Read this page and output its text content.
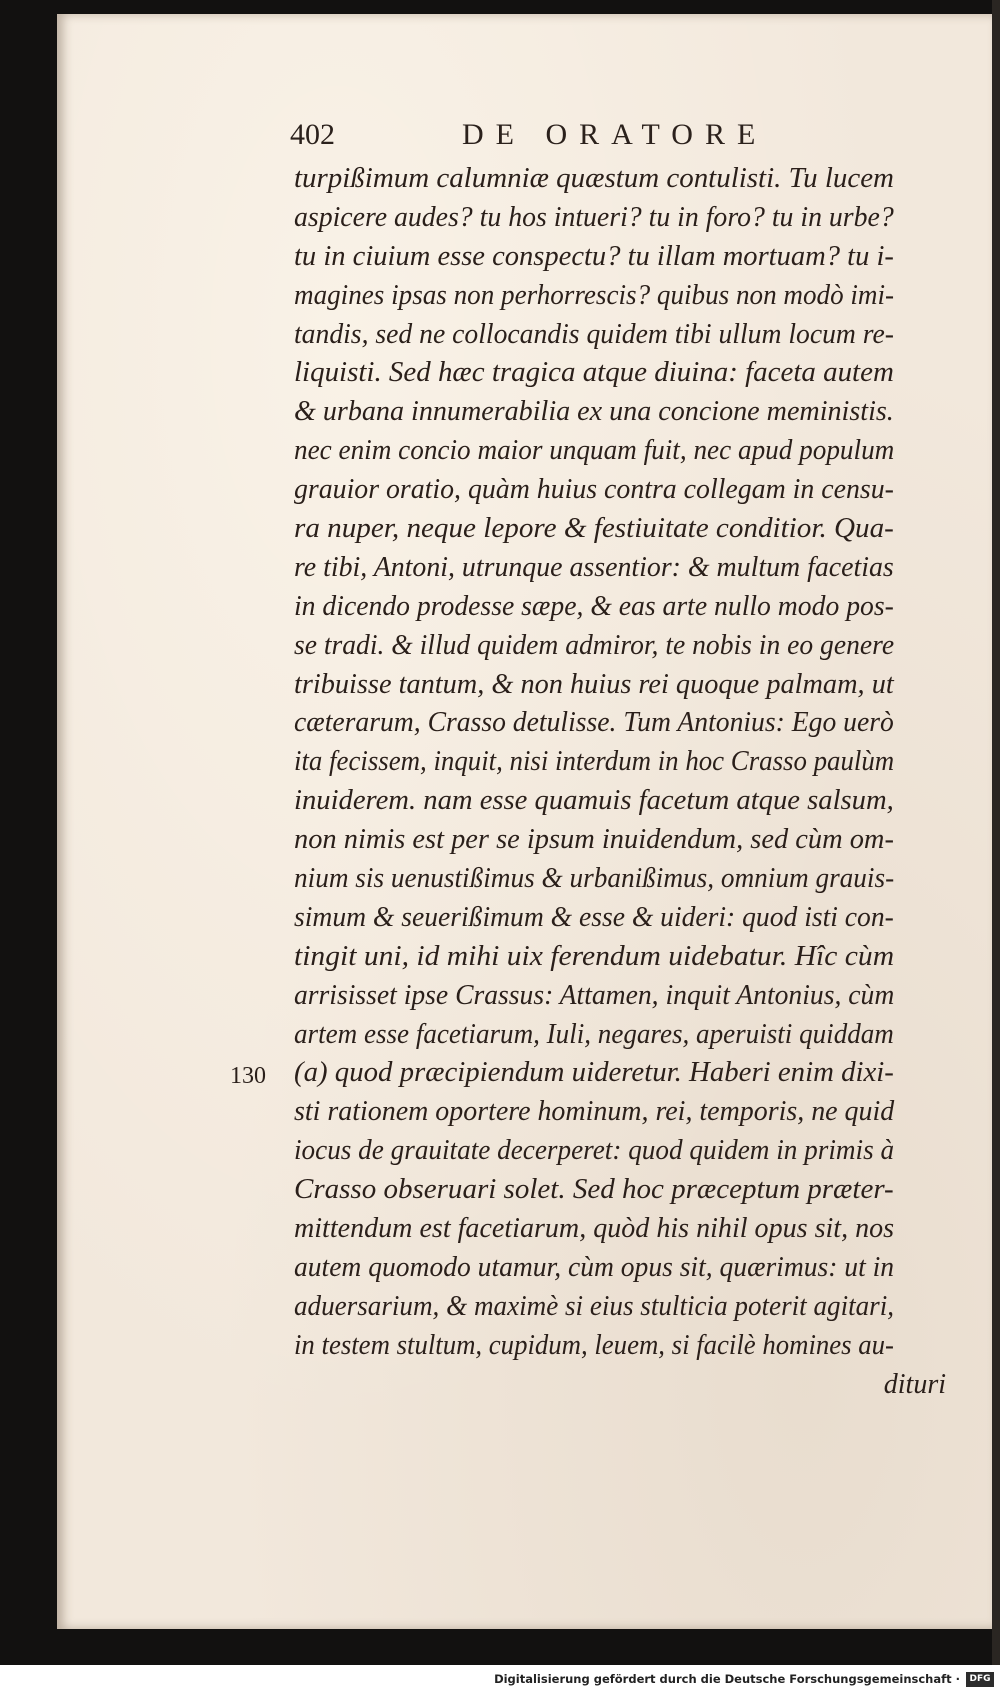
402	DE ORATORE
130
turpißimum calumniæ quæstum contulisti. Tu lucem
aspicere audes? tu hos intueri? tu in foro? tu in urbe?
tu in ciuium esse conspectu? tu illam mortuam? tu i-
magines ipsas non perhorrescis? quibus non modò imi-
tandis, sed ne collocandis quidem tibi ullum locum re-
liquisti. Sed hæc tragica atque diuina: faceta autem
& urbana innumerabilia ex una concione meministis.
nec enim concio maior unquam fuit, nec apud populum
grauior oratio, quàm huius contra collegam in censu-
ra nuper, neque lepore & festiuitate conditior. Qua-
re tibi, Antoni, utrunque assentior: & multum facetias
in dicendo prodesse sæpe, & eas arte nullo modo pos-
se tradi. & illud quidem admiror, te nobis in eo genere
tribuisse tantum, & non huius rei quoque palmam, ut
cæterarum, Crasso detulisse. Tum Antonius: Ego uerò
ita fecissem, inquit, nisi interdum in hoc Crasso paulùm
inuiderem. nam esse quamuis facetum atque salsum,
non nimis est per se ipsum inuidendum, sed cùm om-
nium sis uenustißimus & urbanißimus, omnium grauis-
simum & seuerißimum & esse & uideri: quod isti con-
tingit uni, id mihi uix ferendum uidebatur. Hîc cùm
arrisisset ipse Crassus: Attamen, inquit Antonius, cùm
artem esse facetiarum, Iuli, negares, aperuisti quiddam
(a) quod præcipiendum uideretur. Haberi enim dixi-
sti rationem oportere hominum, rei, temporis, ne quid
iocus de grauitate decerperet: quod quidem in primis à
Crasso obseruari solet. Sed hoc præceptum præter-
mittendum est facetiarum, quòd his nihil opus sit, nos
autem quomodo utamur, cùm opus sit, quærimus: ut in
aduersarium, & maximè si eius stulticia poterit agitari,
in testem stultum, cupidum, leuem, si facilè homines au-
dituri
Digitalisierung gefördert durch die Deutsche Forschungsgemeinschaft ·	DFG
